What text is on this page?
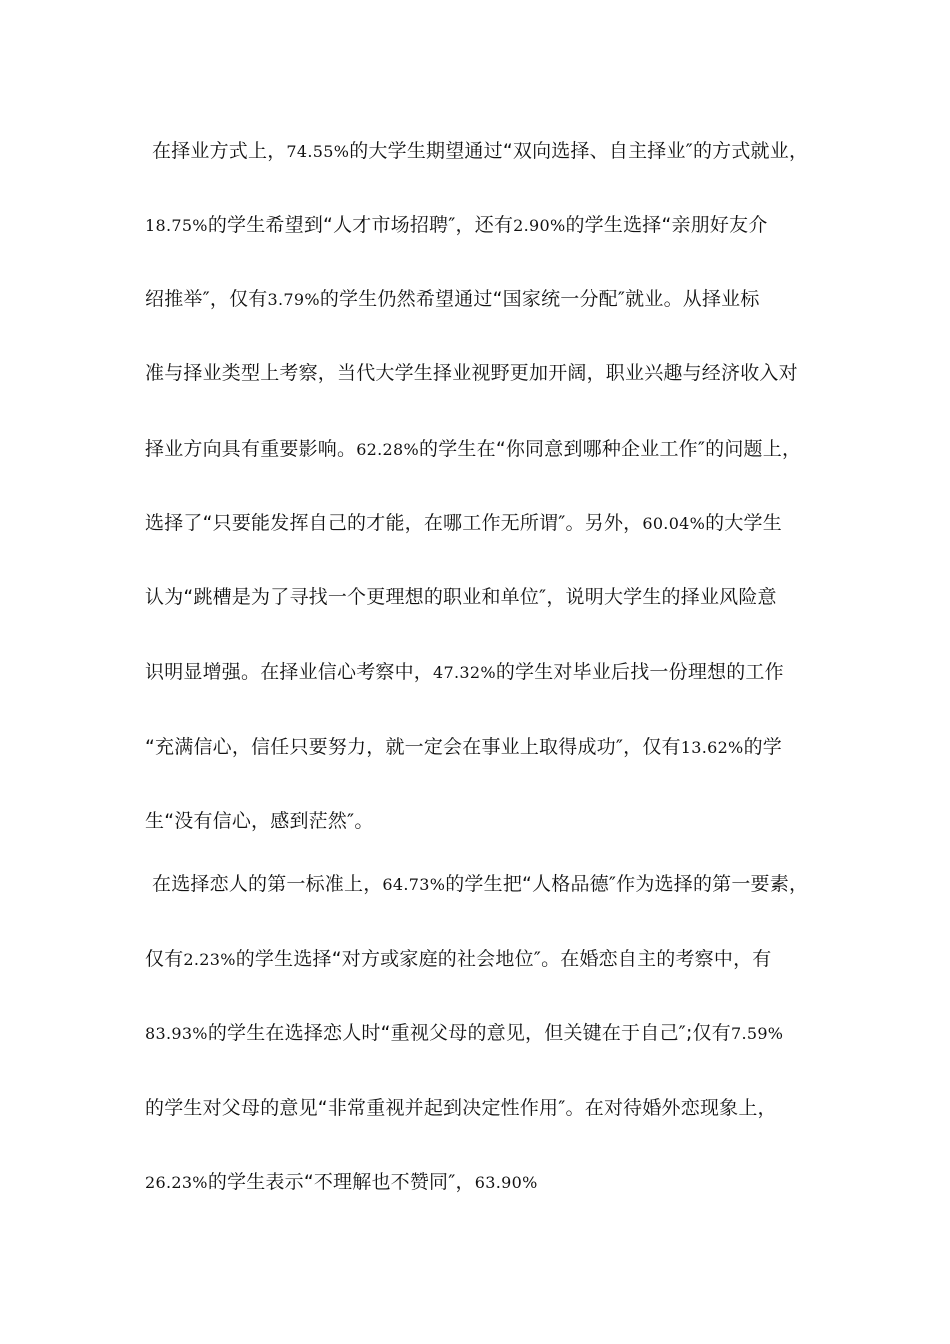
在择业方式上，74.55%的大学生期望通过“双向选择、自主择业″的方式就业，
18.75%的学生希望到“人才市场招聘″，还有2.90%的学生选择“亲朋好友介
绍推举″，仅有3.79%的学生仍然希望通过“国家统一分配″就业。从择业标
准与择业类型上考察，当代大学生择业视野更加开阔，职业兴趣与经济收入对
择业方向具有重要影响。62.28%的学生在“你同意到哪种企业工作″的问题上，
选择了“只要能发挥自己的才能，在哪工作无所谓″。另外，60.04%的大学生
认为“跳槽是为了寻找一个更理想的职业和单位″，说明大学生的择业风险意
识明显增强。在择业信心考察中，47.32%的学生对毕业后找一份理想的工作
“充满信心，信任只要努力，就一定会在事业上取得成功″，仅有13.62%的学
生“没有信心，感到茫然″。
在选择恋人的第一标准上，64.73%的学生把“人格品德″作为选择的第一要素，
仅有2.23%的学生选择“对方或家庭的社会地位″。在婚恋自主的考察中，有
83.93%的学生在选择恋人时“重视父母的意见，但关键在于自己″;仅有7.59%
的学生对父母的意见“非常重视并起到决定性作用″。在对待婚外恋现象上，
26.23%的学生表示“不理解也不赞同″，63.90%
